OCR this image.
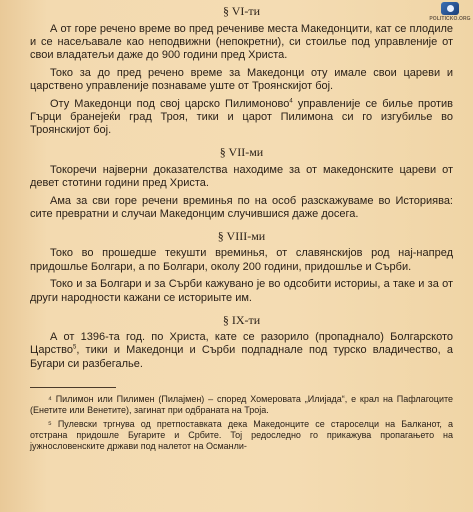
POLITICKO.ORG
§ VI-ти

А от горе речено време во пред речениве места Македонцити, кат се плодиле и се насељавале као неподвижни (непокретни), си стоилье под управленије от свои владатељи даже до 900 години пред Христа.

Токо за до пред речено време за Македонци оту имале свои цареви и царствено управленије познаваме уште от Троянскијот бој.

Оту Македонци под свој царско Пилимоново$^4$ управленије се билье против Гърци бранејеќи град Троя, тики и царот Пилимона си го изгубилье во Троянскијот бој.

§ VII-ми

Токоречи најверни доказателства находиме за от македонските цареви от девет стотини години пред Христа.

Ама за сви горе речени времинья по на особ разскажуваме во Историява: сите превратни и случаи Македонцим случившися даже досега.

§ VIII-ми

Токо во прошедше текушти времинья, от славянскијов род нај-напред придошлье Болгари, а по Болгари, околу 200 години, придошлье и Сърби.

Токо и за Болгари и за Сърби кажувано је во одсобити историы, а таке и за от други народности кажани се историыте им.

§ IX-ти

А от 1396-та год. по Христа, кате се разорило (пропаднало) Болгарското Царство$^5$, тики и Македонци и Сърби подпаднале под турско владичество, а Бугари си разбегалье.

⁴ Пилимон или Пилимен (Пилајмен) – според Хомеровата „Илијада“, е крал на Пафлагоците (Енетите или Венетите), загинат при одбраната на Троја.
⁵ Пулевски тргнува од претпоставката дека Македонците се староселци на Балканот, а отстрана придошле Бугарите и Србите. Тој редоследно го прикажува пропагањето на јужнословенските држави под налетот на Османли-
